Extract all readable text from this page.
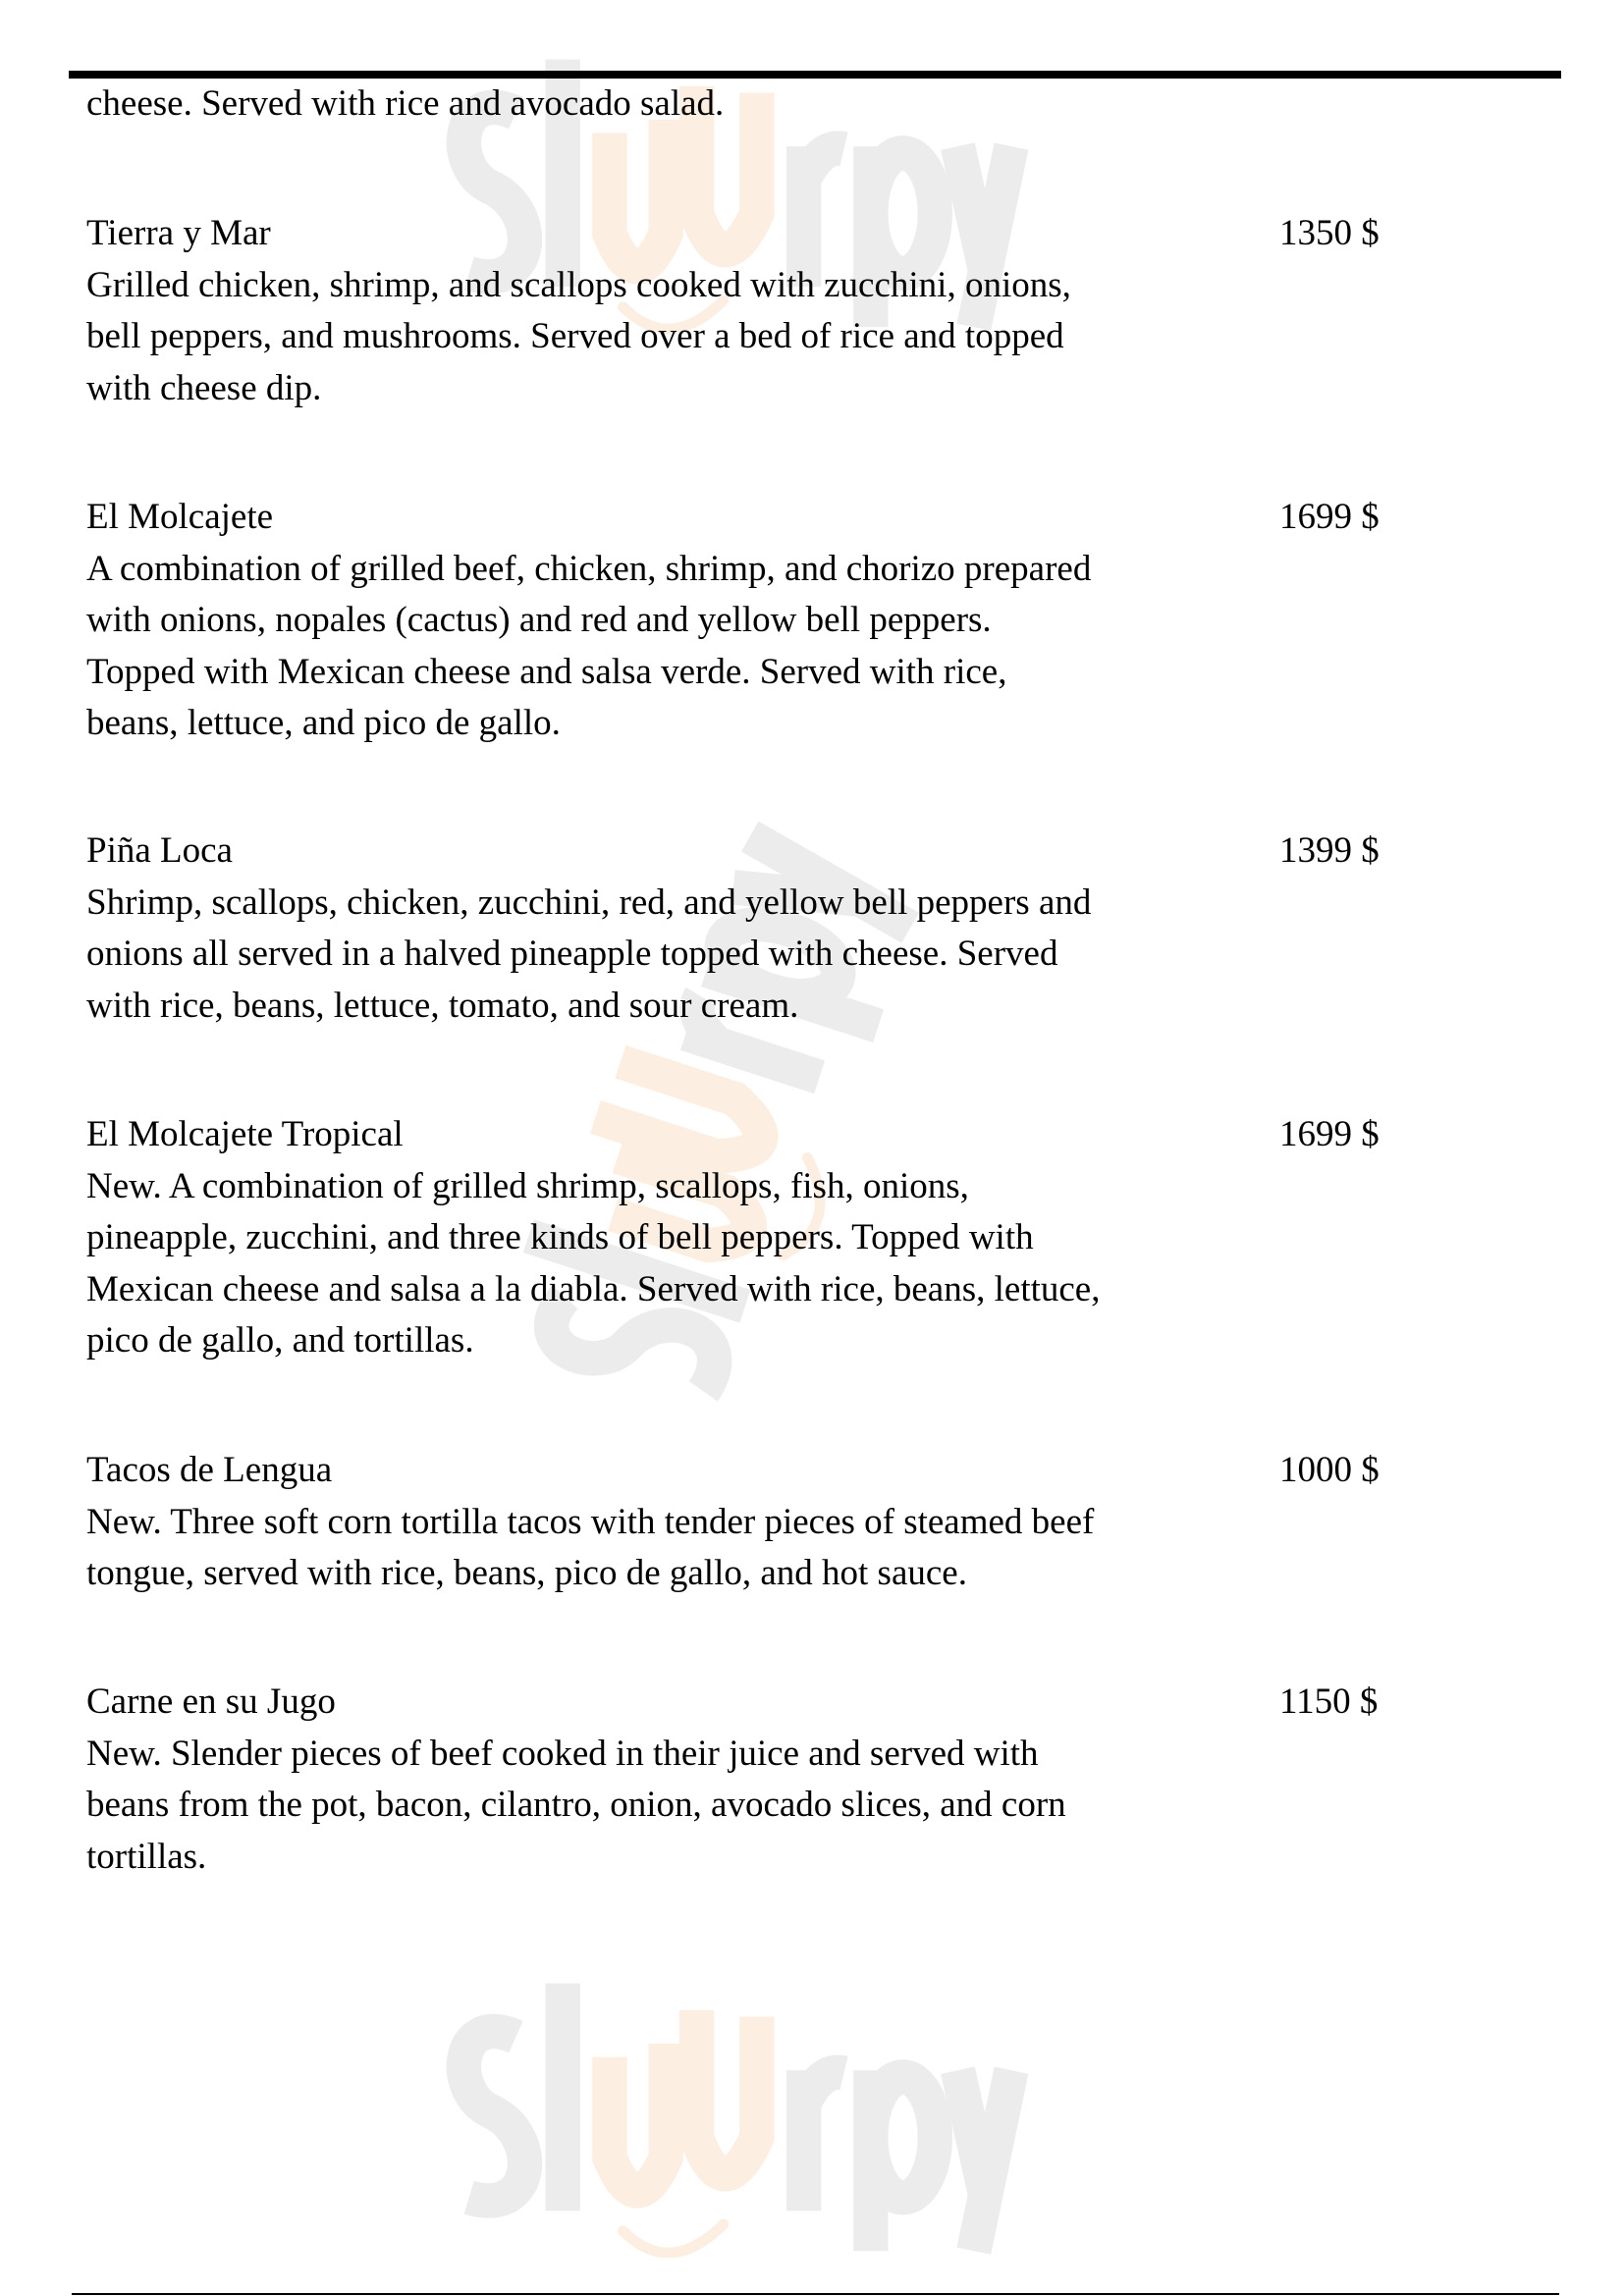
cheese. Served with rice and avocado salad.
Tierra y Mar
Grilled chicken, shrimp, and scallops cooked with zucchini, onions,
bell peppers, and mushrooms. Served over a bed of rice and topped
with cheese dip.
1350 $
El Molcajete
A combination of grilled beef, chicken, shrimp, and chorizo prepared
with onions, nopales (cactus) and red and yellow bell peppers.
Topped with Mexican cheese and salsa verde. Served with rice,
beans, lettuce, and pico de gallo.
1699 $
Piña Loca
Shrimp, scallops, chicken, zucchini, red, and yellow bell peppers and
onions all served in a halved pineapple topped with cheese. Served
with rice, beans, lettuce, tomato, and sour cream.
1399 $
El Molcajete Tropical
New. A combination of grilled shrimp, scallops, fish, onions,
pineapple, zucchini, and three kinds of bell peppers. Topped with
Mexican cheese and salsa a la diabla. Served with rice, beans, lettuce,
pico de gallo, and tortillas.
1699 $
Tacos de Lengua
New. Three soft corn tortilla tacos with tender pieces of steamed beef
tongue, served with rice, beans, pico de gallo, and hot sauce.
1000 $
Carne en su Jugo
New. Slender pieces of beef cooked in their juice and served with
beans from the pot, bacon, cilantro, onion, avocado slices, and corn
tortillas.
1150 $
